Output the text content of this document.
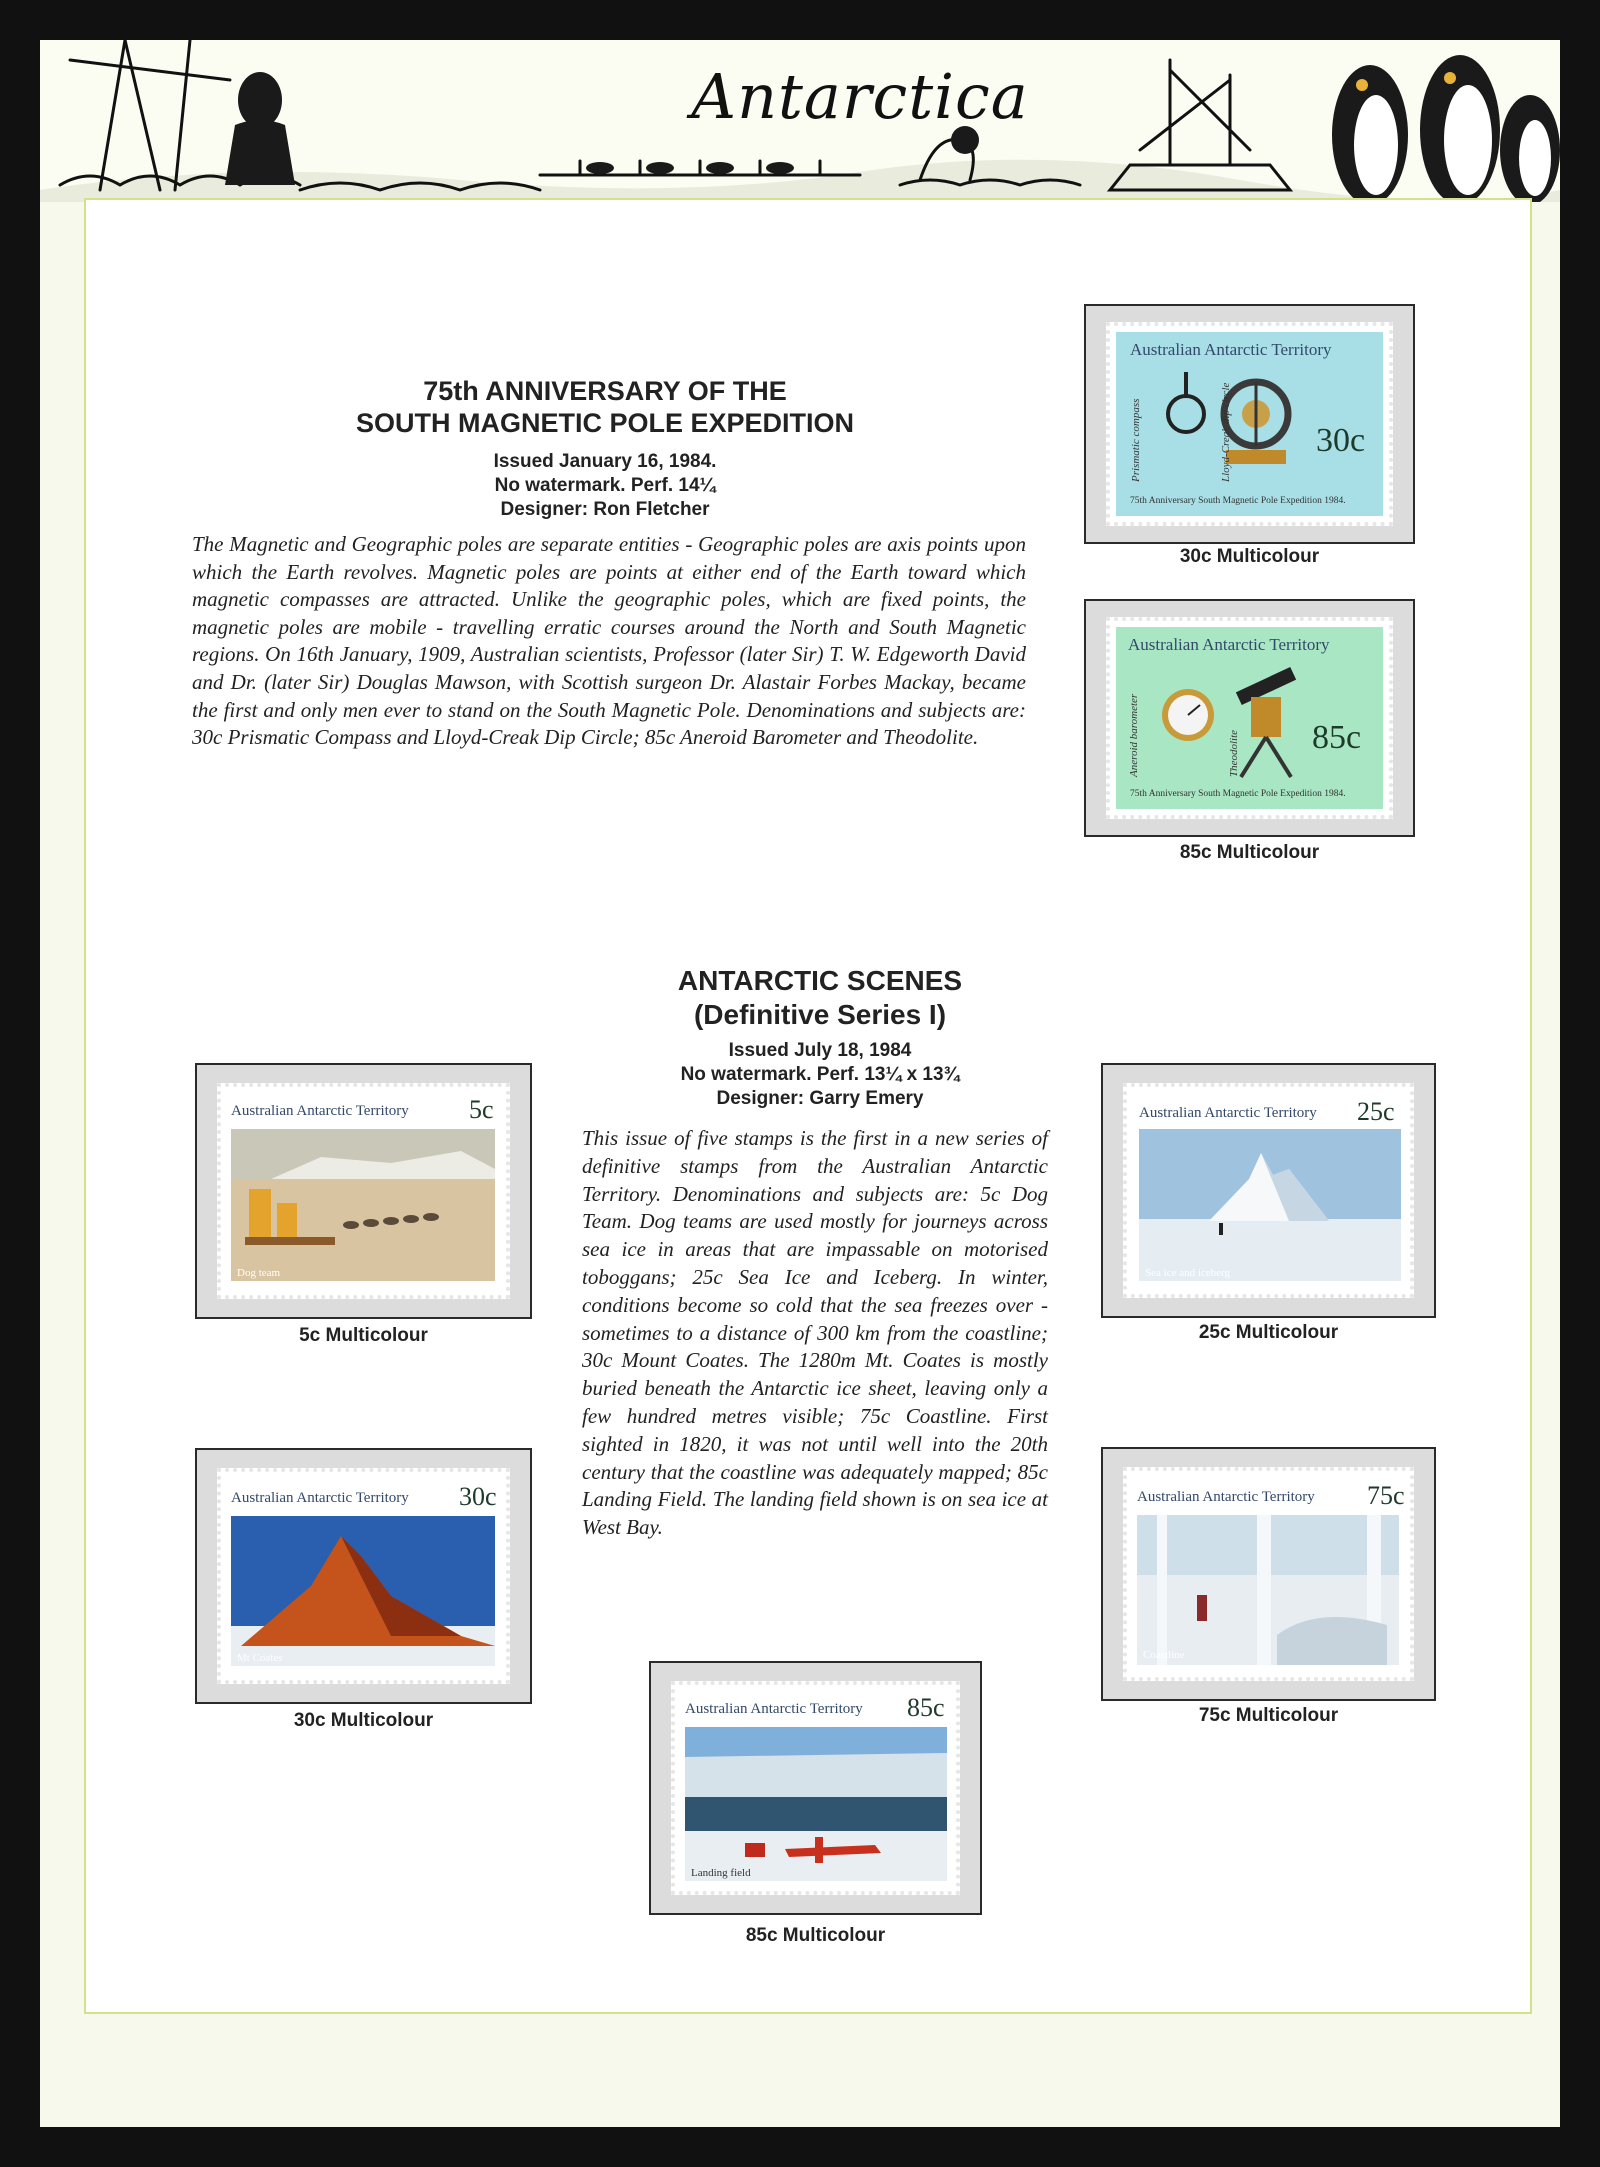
Antarctica
75th ANNIVERSARY OF THE
SOUTH MAGNETIC POLE EXPEDITION
Issued January 16, 1984.
No watermark. Perf. 14¼
Designer: Ron Fletcher
The Magnetic and Geographic poles are separate entities - Geographic poles are axis points upon which the Earth revolves. Magnetic poles are points at either end of the Earth toward which magnetic compasses are attracted. Unlike the geographic poles, which are fixed points, the magnetic poles are mobile - travelling erratic courses around the North and South Magnetic regions. On 16th January, 1909, Australian scientists, Professor (later Sir) T. W. Edgeworth David and Dr. (later Sir) Douglas Mawson, with Scottish surgeon Dr. Alastair Forbes Mackay, became the first and only men ever to stand on the South Magnetic Pole. Denominations and subjects are: 30c Prismatic Compass and Lloyd-Creak Dip Circle; 85c Aneroid Barometer and Theodolite.
Australian Antarctic Territory
Prismatic compass	Lloyd-Creak dip circle 30c
75th Anniversary South Magnetic Pole Expedition 1984.
30c Multicolour
Australian Antarctic Territory
Aneroid barometer	Theodolite 85c
75th Anniversary South Magnetic Pole Expedition 1984.
85c Multicolour
ANTARCTIC SCENES
(Definitive Series I)
Issued July 18, 1984
No watermark. Perf. 13¼ x 13¾
Designer: Garry Emery
This issue of five stamps is the first in a new series of definitive stamps from the Australian Antarctic Territory. Denominations and subjects are: 5c Dog Team. Dog teams are used mostly for journeys across sea ice in areas that are impassable on motorised toboggans; 25c Sea Ice and Iceberg. In winter, conditions become so cold that the sea freezes over - sometimes to a distance of 300 km from the coastline; 30c Mount Coates. The 1280m Mt. Coates is mostly buried beneath the Antarctic ice sheet, leaving only a few hundred metres visible; 75c Coastline. First sighted in 1820, it was not until well into the 20th century that the coastline was adequately mapped; 85c Landing Field. The landing field shown is on sea ice at West Bay.
Australian Antarctic Territory 5c
Dog team
5c Multicolour
Australian Antarctic Territory 25c
Sea ice and iceberg
25c Multicolour
Australian Antarctic Territory 30c
Mt Coates
30c Multicolour
Australian Antarctic Territory 75c
Coastline
75c Multicolour
Australian Antarctic Territory 85c
Landing field
85c Multicolour
